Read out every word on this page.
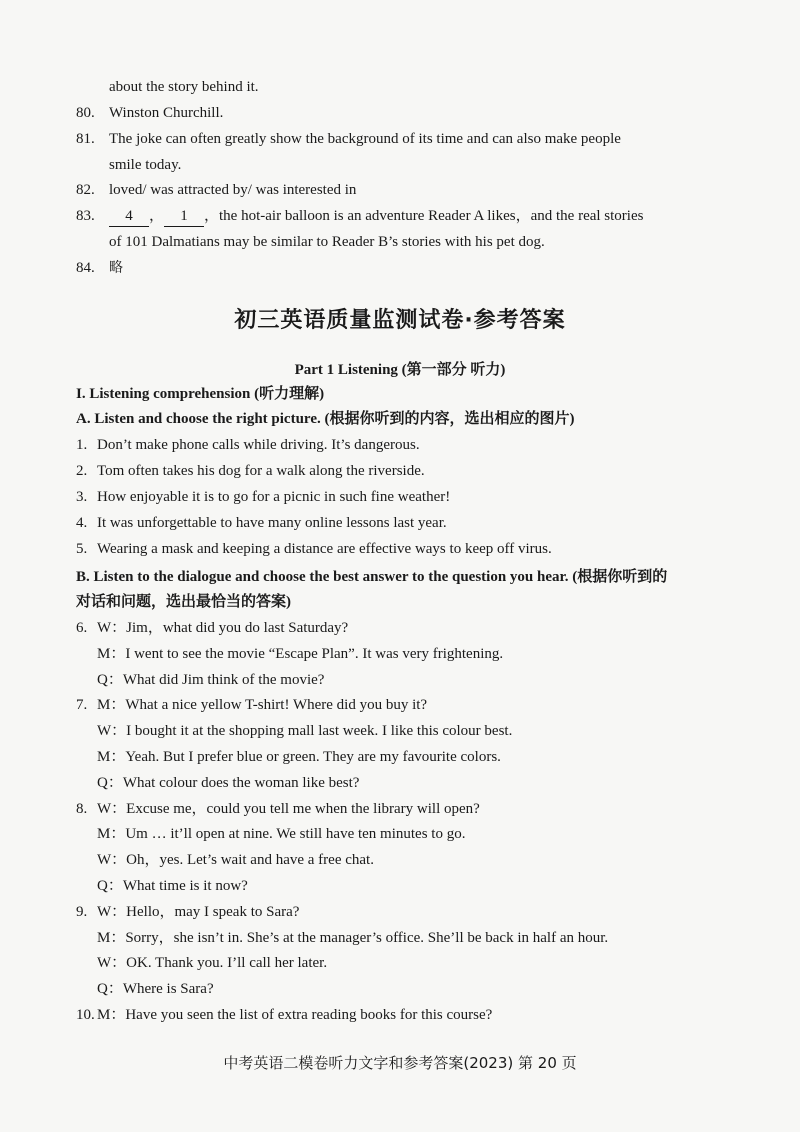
about the story behind it.
80. Winston Churchill.
81. The joke can often greatly show the background of its time and can also make people
smile today.
82. loved/ was attracted by/ was interested in
83.	4 ， 1 ，the hot-air balloon is an adventure Reader A likes，and the real stories
of 101 Dalmatians may be similar to Reader B’s stories with his pet dog.
84. 略
初三英语质量监测试卷·参考答案
Part 1 Listening (第一部分 听力)
I. Listening comprehension (听力理解)
A. Listen and choose the right picture. (根据你听到的内容，选出相应的图片)
1. Don’t make phone calls while driving. It’s dangerous.
2. Tom often takes his dog for a walk along the riverside.
3. How enjoyable it is to go for a picnic in such fine weather!
4. It was unforgettable to have many online lessons last year.
5. Wearing a mask and keeping a distance are effective ways to keep off virus.
B. Listen to the dialogue and choose the best answer to the question you hear. (根据你听到的
对话和问题，选出最恰当的答案)
6. W：Jim，what did you do last Saturday?
M：I went to see the movie “Escape Plan”. It was very frightening.
Q：What did Jim think of the movie?
7. M：What a nice yellow T-shirt! Where did you buy it?
W：I bought it at the shopping mall last week. I like this colour best.
M：Yeah. But I prefer blue or green. They are my favourite colors.
Q：What colour does the woman like best?
8. W：Excuse me，could you tell me when the library will open?
M：Um … it’ll open at nine. We still have ten minutes to go.
W：Oh，yes. Let’s wait and have a free chat.
Q：What time is it now?
9. W：Hello，may I speak to Sara?
M：Sorry，she isn’t in. She’s at the manager’s office. She’ll be back in half an hour.
W：OK. Thank you. I’ll call her later.
Q：Where is Sara?
10. M：Have you seen the list of extra reading books for this course?
中考英语二模卷听力文字和参考答案(2023) 第 20 页
